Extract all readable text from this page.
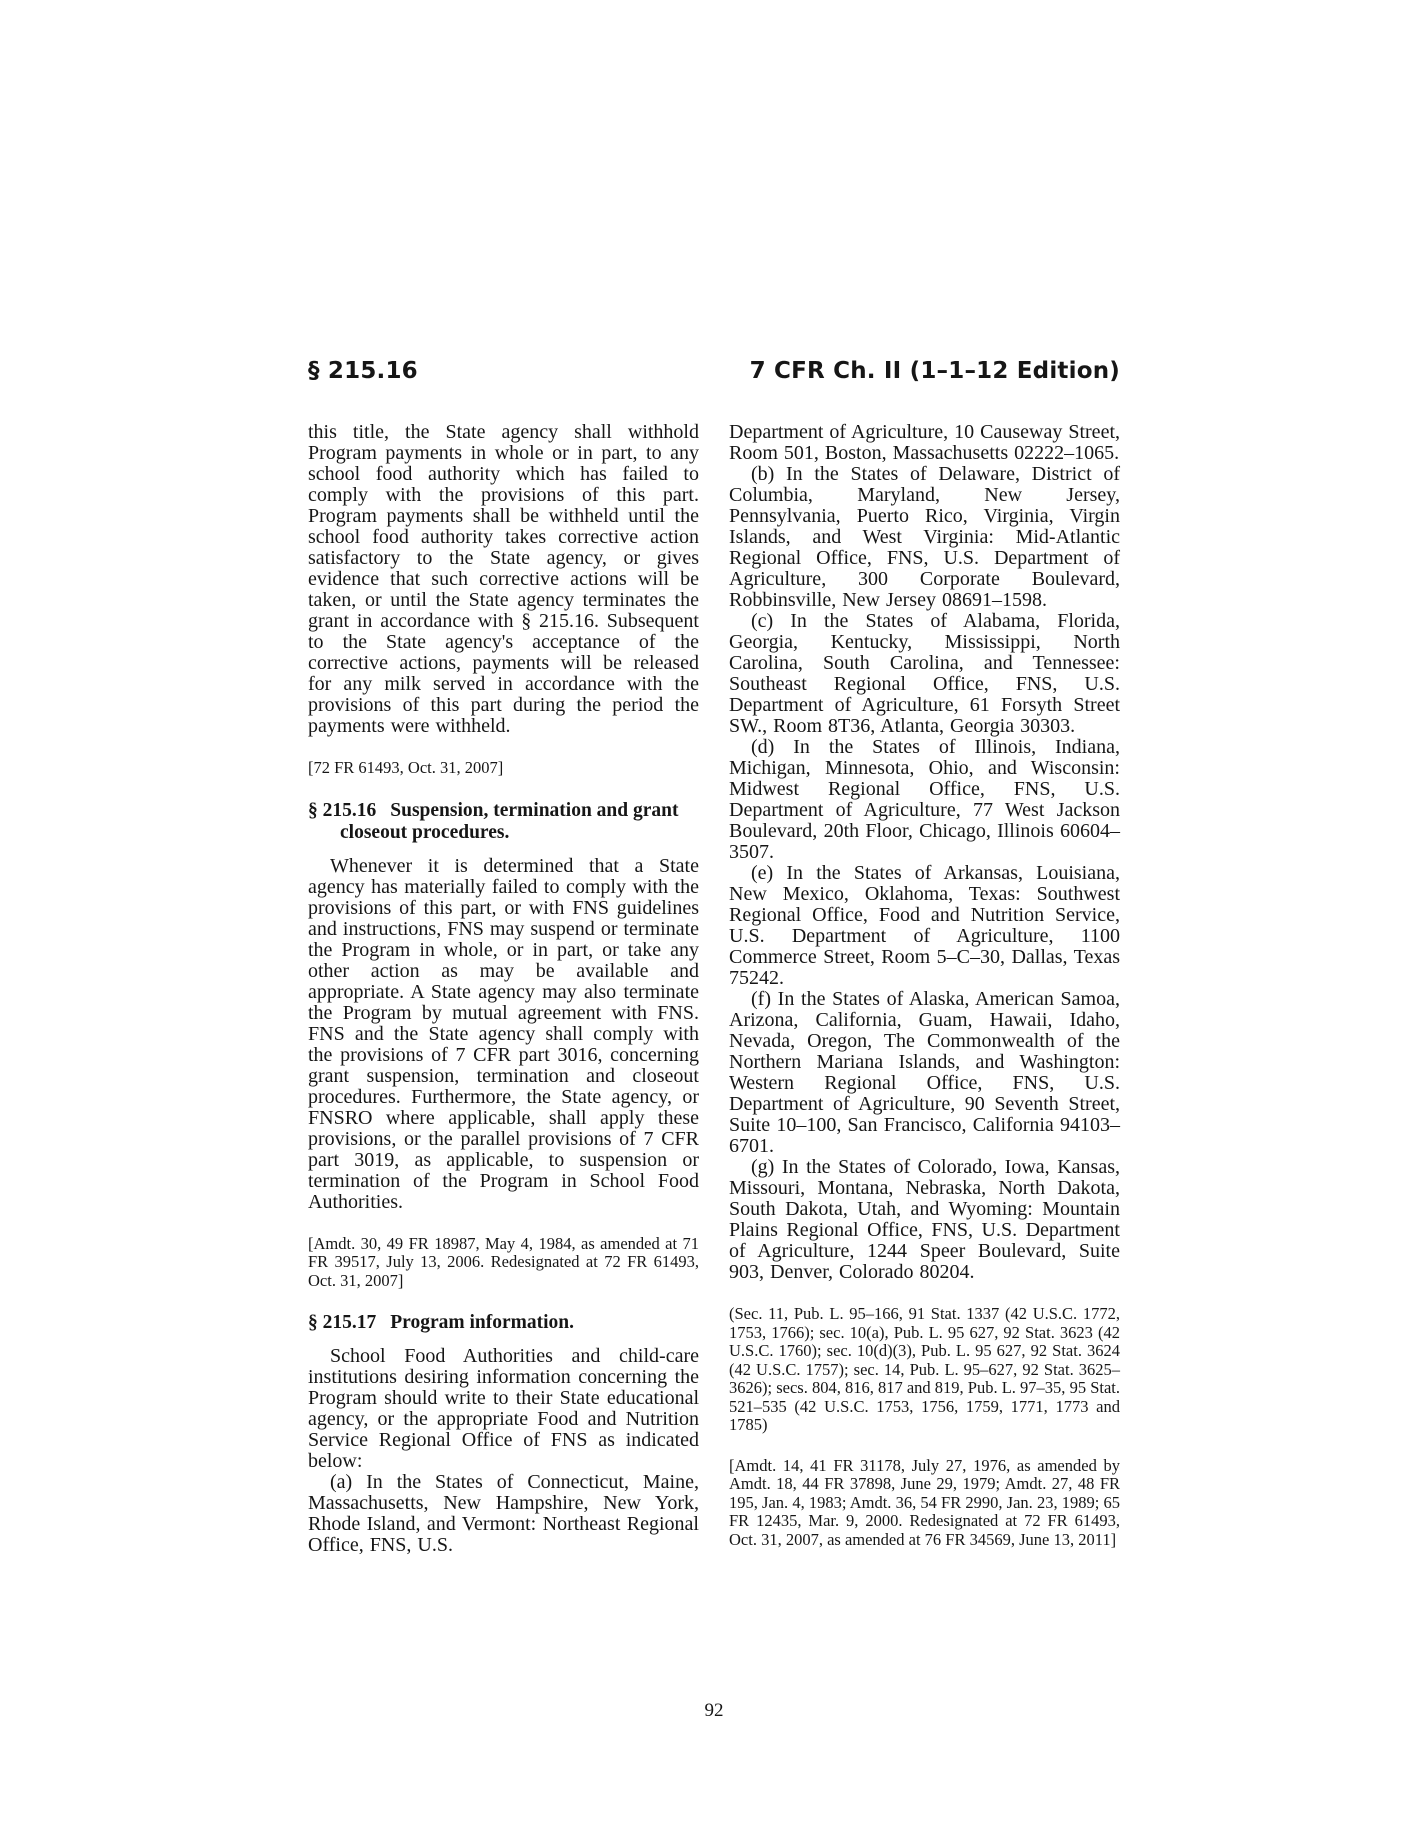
§ 215.16	7 CFR Ch. II (1–1–12 Edition)

this title, the State agency shall withhold Program payments in whole or in part, to any school food authority which has failed to comply with the provisions of this part. Program payments shall be withheld until the school food authority takes corrective action satisfactory to the State agency, or gives evidence that such corrective actions will be taken, or until the State agency terminates the grant in accordance with § 215.16. Subsequent to the State agency's acceptance of the corrective actions, payments will be released for any milk served in accordance with the provisions of this part during the period the payments were withheld.

[72 FR 61493, Oct. 31, 2007]

§ 215.16 Suspension, termination and grant closeout procedures.

Whenever it is determined that a State agency has materially failed to comply with the provisions of this part, or with FNS guidelines and instructions, FNS may suspend or terminate the Program in whole, or in part, or take any other action as may be available and appropriate. A State agency may also terminate the Program by mutual agreement with FNS. FNS and the State agency shall comply with the provisions of 7 CFR part 3016, concerning grant suspension, termination and closeout procedures. Furthermore, the State agency, or FNSRO where applicable, shall apply these provisions, or the parallel provisions of 7 CFR part 3019, as applicable, to suspension or termination of the Program in School Food Authorities.

[Amdt. 30, 49 FR 18987, May 4, 1984, as amended at 71 FR 39517, July 13, 2006. Redesignated at 72 FR 61493, Oct. 31, 2007]

§ 215.17 Program information.

School Food Authorities and child-care institutions desiring information concerning the Program should write to their State educational agency, or the appropriate Food and Nutrition Service Regional Office of FNS as indicated below:

(a) In the States of Connecticut, Maine, Massachusetts, New Hampshire, New York, Rhode Island, and Vermont: Northeast Regional Office, FNS, U.S.

Department of Agriculture, 10 Causeway Street, Room 501, Boston, Massachusetts 02222–1065.

(b) In the States of Delaware, District of Columbia, Maryland, New Jersey, Pennsylvania, Puerto Rico, Virginia, Virgin Islands, and West Virginia: Mid-Atlantic Regional Office, FNS, U.S. Department of Agriculture, 300 Corporate Boulevard, Robbinsville, New Jersey 08691–1598.

(c) In the States of Alabama, Florida, Georgia, Kentucky, Mississippi, North Carolina, South Carolina, and Tennessee: Southeast Regional Office, FNS, U.S. Department of Agriculture, 61 Forsyth Street SW., Room 8T36, Atlanta, Georgia 30303.

(d) In the States of Illinois, Indiana, Michigan, Minnesota, Ohio, and Wisconsin: Midwest Regional Office, FNS, U.S. Department of Agriculture, 77 West Jackson Boulevard, 20th Floor, Chicago, Illinois 60604–3507.

(e) In the States of Arkansas, Louisiana, New Mexico, Oklahoma, Texas: Southwest Regional Office, Food and Nutrition Service, U.S. Department of Agriculture, 1100 Commerce Street, Room 5–C–30, Dallas, Texas 75242.

(f) In the States of Alaska, American Samoa, Arizona, California, Guam, Hawaii, Idaho, Nevada, Oregon, The Commonwealth of the Northern Mariana Islands, and Washington: Western Regional Office, FNS, U.S. Department of Agriculture, 90 Seventh Street, Suite 10–100, San Francisco, California 94103–6701.

(g) In the States of Colorado, Iowa, Kansas, Missouri, Montana, Nebraska, North Dakota, South Dakota, Utah, and Wyoming: Mountain Plains Regional Office, FNS, U.S. Department of Agriculture, 1244 Speer Boulevard, Suite 903, Denver, Colorado 80204.

(Sec. 11, Pub. L. 95–166, 91 Stat. 1337 (42 U.S.C. 1772, 1753, 1766); sec. 10(a), Pub. L. 95 627, 92 Stat. 3623 (42 U.S.C. 1760); sec. 10(d)(3), Pub. L. 95 627, 92 Stat. 3624 (42 U.S.C. 1757); sec. 14, Pub. L. 95–627, 92 Stat. 3625–3626); secs. 804, 816, 817 and 819, Pub. L. 97–35, 95 Stat. 521–535 (42 U.S.C. 1753, 1756, 1759, 1771, 1773 and 1785)

[Amdt. 14, 41 FR 31178, July 27, 1976, as amended by Amdt. 18, 44 FR 37898, June 29, 1979; Amdt. 27, 48 FR 195, Jan. 4, 1983; Amdt. 36, 54 FR 2990, Jan. 23, 1989; 65 FR 12435, Mar. 9, 2000. Redesignated at 72 FR 61493, Oct. 31, 2007, as amended at 76 FR 34569, June 13, 2011]

92
